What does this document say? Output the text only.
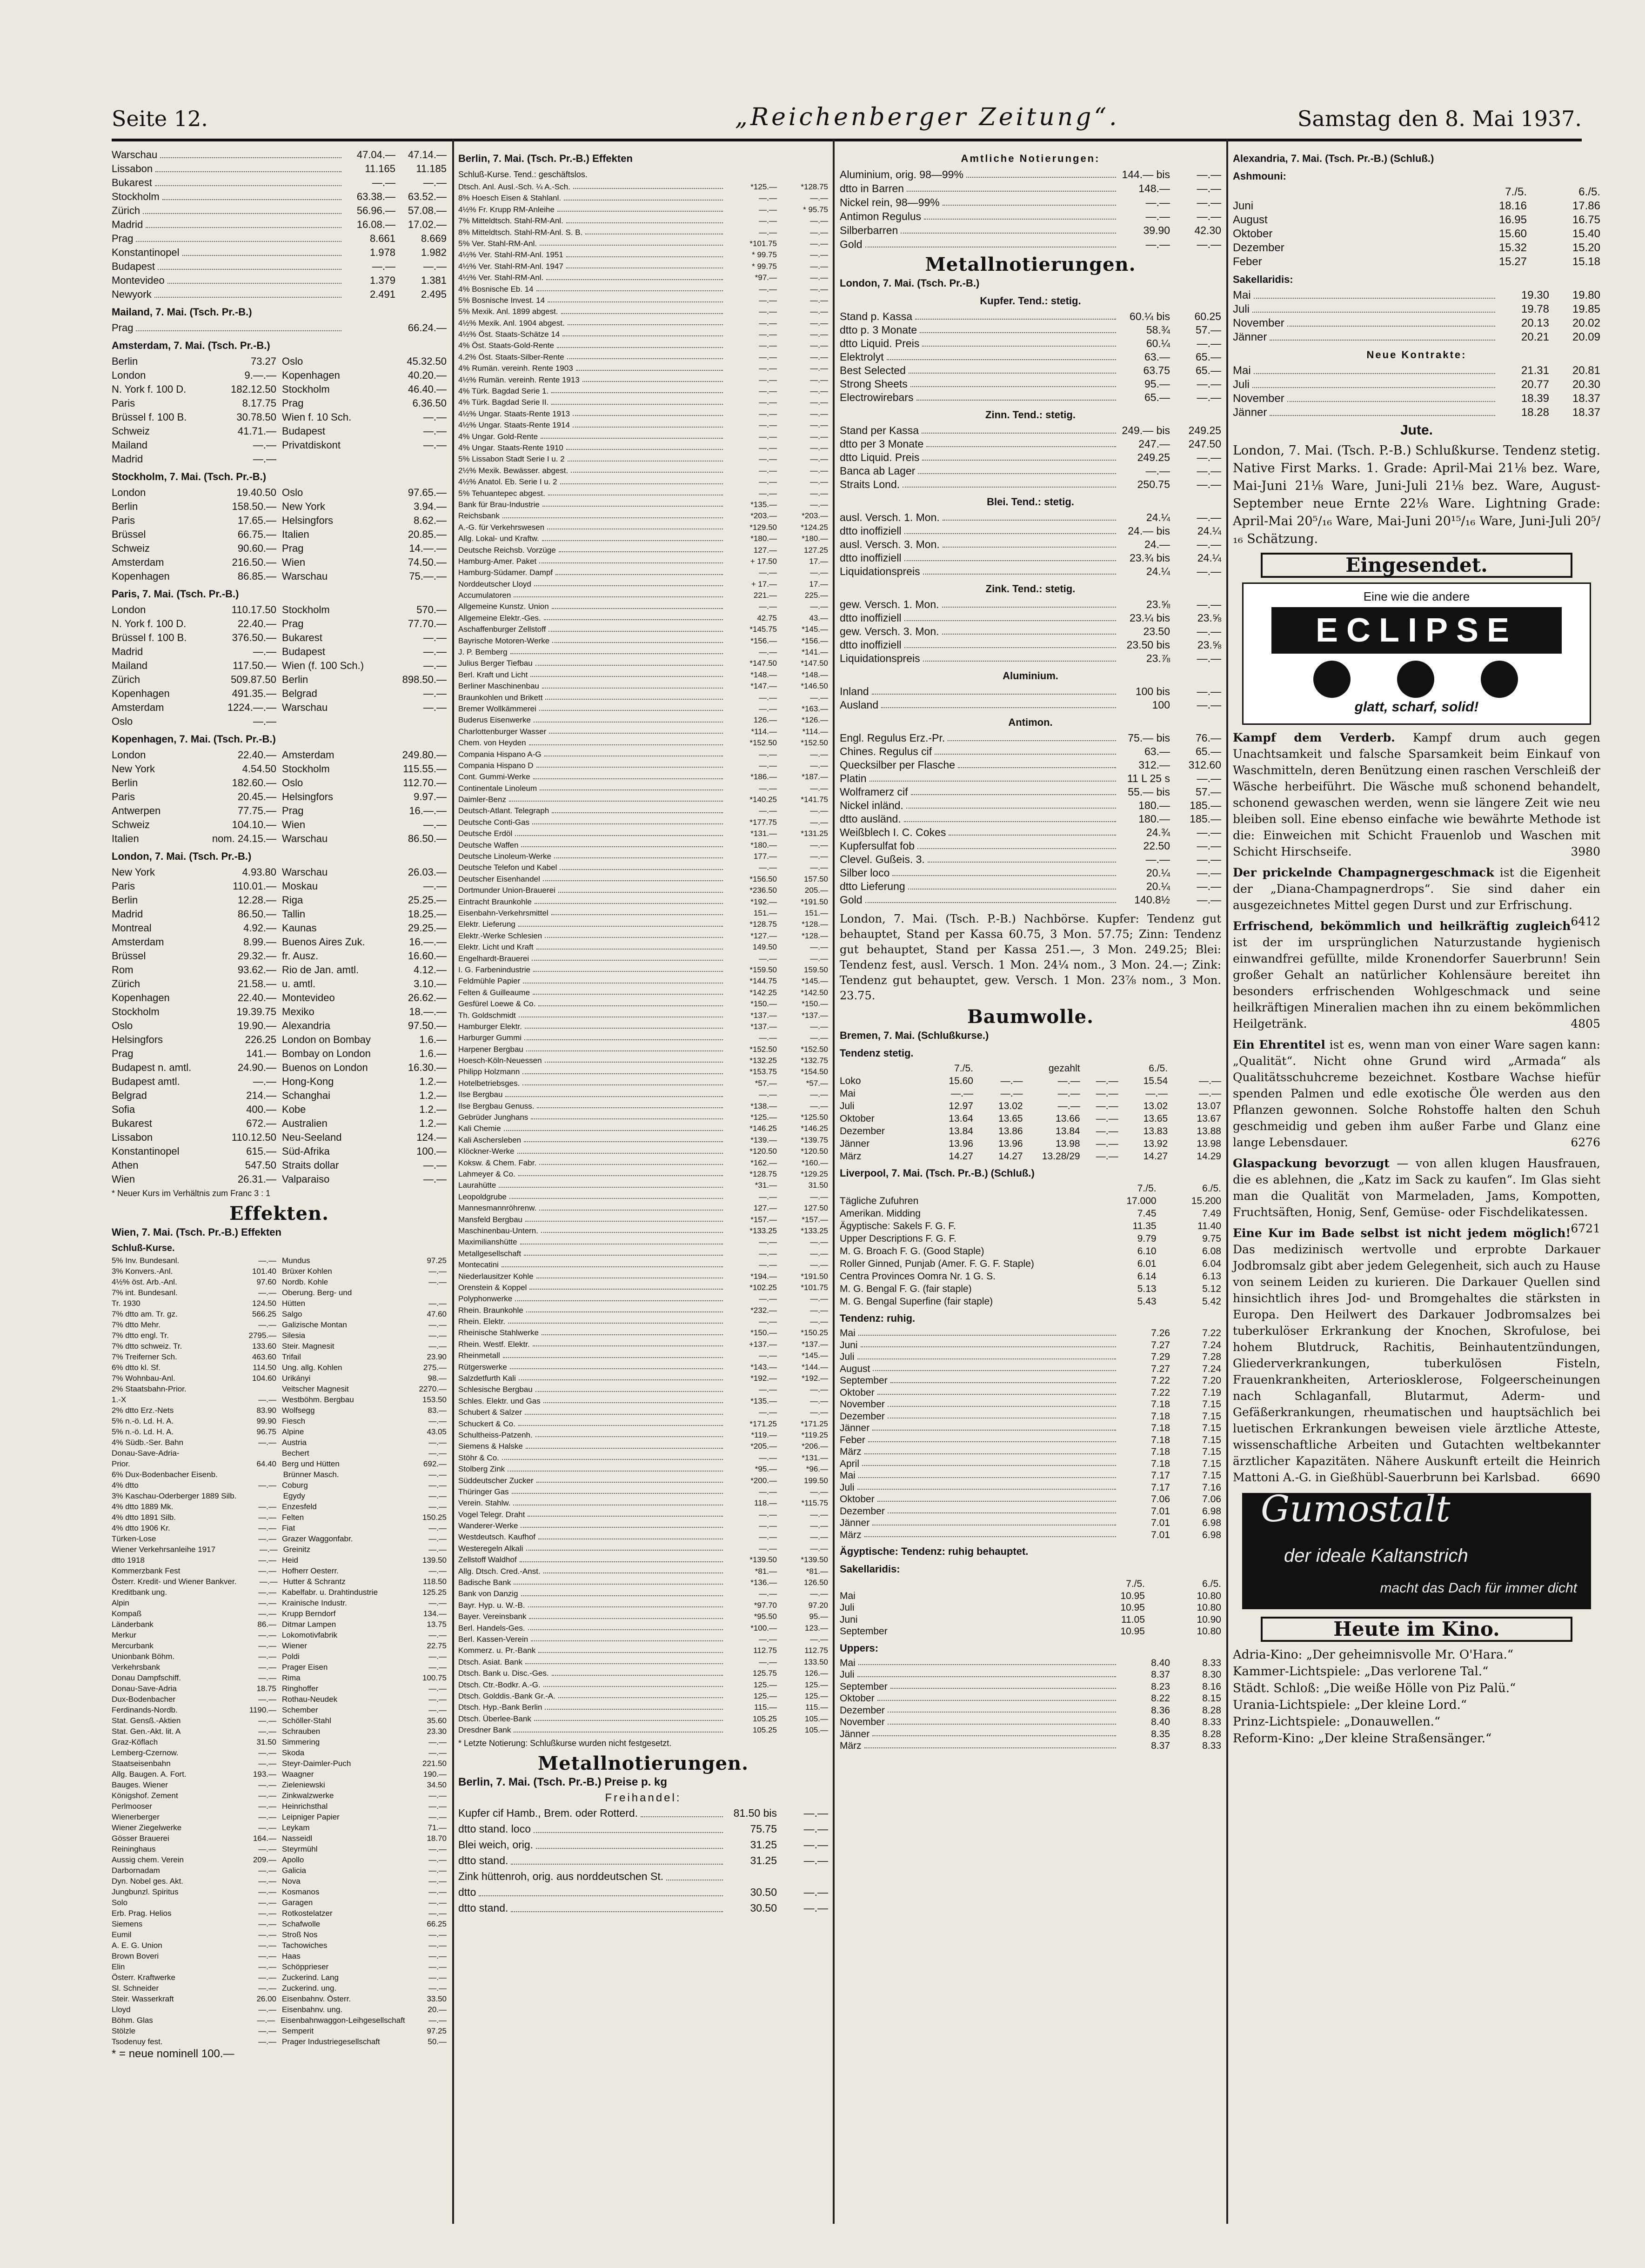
Seite 12.	„Reichenberger Zeitung“.	Samstag den 8. Mai 1937.
Warschau	47.04.—	47.14.—
Lissabon	11.165	11.185
Bukarest	—.—	—.—
Stockholm	63.38.—	63.52.—
Zürich	56.96.—	57.08.—
Madrid	16.08.—	17.02.—
Prag	8.661	8.669
Konstantinopel	1.978	1.982
Budapest	—.—	—.—
Montevideo	1.379	1.381
Newyork	2.491	2.495
Mailand, 7. Mai. (Tsch. Pr.-B.)
Prag	66.24.—
Amsterdam, 7. Mai. (Tsch. Pr.-B.)
Berlin	73.27 Oslo	45.32.50
London	9.—.— Kopenhagen	40.20.—
N. York f. 100 D.	182.12.50 Stockholm	46.40.—
Paris	8.17.75 Prag	6.36.50
Brüssel f. 100 B.	30.78.50 Wien f. 10 Sch.	—.—
Schweiz	41.71.— Budapest	—.—
Mailand	—.— Privatdiskont	—.—
Madrid	—.—
Stockholm, 7. Mai. (Tsch. Pr.-B.)
London	19.40.50 Oslo	97.65.—
Berlin	158.50.— New York	3.94.—
Paris	17.65.— Helsingfors	8.62.—
Brüssel	66.75.— Italien	20.85.—
Schweiz	90.60.— Prag	14.—.—
Amsterdam	216.50.— Wien	74.50.—
Kopenhagen	86.85.— Warschau	75.—.—
Paris, 7. Mai. (Tsch. Pr.-B.)
London	110.17.50 Stockholm	570.—
N. York f. 100 D.	22.40.— Prag	77.70.—
Brüssel f. 100 B.	376.50.— Bukarest	—.—
Madrid	—.— Budapest	—.—
Mailand	117.50.— Wien (f. 100 Sch.)	—.—
Zürich	509.87.50 Berlin	898.50.—
Kopenhagen	491.35.— Belgrad	—.—
Amsterdam	1224.—.— Warschau	—.—
Oslo	—.—
Kopenhagen, 7. Mai. (Tsch. Pr.-B.)
London	22.40.— Amsterdam	249.80.—
New York	4.54.50 Stockholm	115.55.—
Berlin	182.60.— Oslo	112.70.—
Paris	20.45.— Helsingfors	9.97.—
Antwerpen	77.75.— Prag	16.—.—
Schweiz	104.10.— Wien	—.—
Italien	nom. 24.15.— Warschau	86.50.—
London, 7. Mai. (Tsch. Pr.-B.)
New York	4.93.80 Warschau	26.03.—
Paris	110.01.— Moskau	—.—
Berlin	12.28.— Riga	25.25.—
Madrid	86.50.— Tallin	18.25.—
Montreal	4.92.— Kaunas	29.25.—
Amsterdam	8.99.— Buenos Aires Zuk.	16.—.—
Brüssel	29.32.— fr. Ausz.	16.60.—
Rom	93.62.— Rio de Jan. amtl.	4.12.—
Zürich	21.58.— u. amtl.	3.10.—
Kopenhagen	22.40.— Montevideo	26.62.—
Stockholm	19.39.75 Mexiko	18.—.—
Oslo	19.90.— Alexandria	97.50.—
Helsingfors	226.25 London on Bombay	1.6.—
Prag	141.— Bombay on London	1.6.—
Budapest n. amtl.	24.90.— Buenos on London	16.30.—
Budapest amtl.	—.— Hong-Kong	1.2.—
Belgrad	214.— Schanghai	1.2.—
Sofia	400.— Kobe	1.2.—
Bukarest	672.— Australien	1.2.—
Lissabon	110.12.50 Neu-Seeland	124.—
Konstantinopel	615.— Süd-Afrika	100.—
Athen	547.50 Straits dollar	—.—
Wien	26.31.— Valparaiso	—.—
* Neuer Kurs im Verhältnis zum Franc 3 : 1
Effekten.
Wien, 7. Mai. (Tsch. Pr.-B.) Effekten
Schluß-Kurse.
5% Inv. Bundesanl.	—.— Mundus	97.25
3% Konvers.-Anl.	101.40 Brüxer Kohlen	—.—
4½% öst. Arb.-Anl.	97.60 Nordb. Kohle	—.—
7% int. Bundesanl.	—.— Oberung. Berg- und
Tr. 1930	124.50 Hütten	—.—
7% dtto am. Tr. gz.	566.25 Salgo	47.60
7% dtto Mehr.	—.— Galizische Montan	—.—
7% dtto engl. Tr.	2795.— Silesia	—.—
7% dtto schweiz. Tr.	133.60 Steir. Magnesit	—.—
7% Treiferner Sch.	463.60 Trifail	23.90
6% dtto kl. Sf.	114.50 Ung. allg. Kohlen	275.—
7% Wohnbau-Anl.	104.60 Urikányi	98.—
2% Staatsbahn-Prior.	Veitscher Magnesit	2270.—
1.-X	—.— Westböhm. Bergbau	153.50
2% dtto Erz.-Nets	83.90 Wolfsegg	83.—
5% n.-ö. Ld. H. A.	99.90 Fiesch	—.—
5% n.-ö. Ld. H. A.	96.75 Alpine	43.05
4% Südb.-Ser. Bahn	—.— Austria	—.—
Donau-Save-Adria-	Bechert	—.—
Prior.	64.40 Berg und Hütten	692.—
6% Dux-Bodenbacher Eisenb.	Brünner Masch.	—.—
4% dtto	—.— Coburg	—.—
3% Kaschau-Oderberger 1889 Silb.	Egydy	—.—
4% dtto 1889 Mk.	—.— Enzesfeld	—.—
4% dtto 1891 Silb.	—.— Felten	150.25
4% dtto 1906 Kr.	—.— Fiat	—.—
Türken-Lose	—.— Grazer Waggonfabr.	—.—
Wiener Verkehrsanleihe 1917	—.— Greinitz	—.—
dtto 1918	—.— Heid	139.50
Kommerzbank Fest	—.— Hofherr Oesterr.	—.—
Österr. Kredit- und Wiener Bankver.	—.— Hutter & Schrantz	118.50
Kreditbank ung.	—.— Kabelfabr. u. Drahtindustrie	125.25
Alpin	—.— Krainische Industr.	—.—
Kompaß	—.— Krupp Berndorf	134.—
Länderbank	86.— Ditmar Lampen	13.75
Merkur	—.— Lokomotivfabrik	—.—
Mercurbank	—.— Wiener	22.75
Unionbank Böhm.	—.— Poldi	—.—
Verkehrsbank	—.— Prager Eisen	—.—
Donau Dampfschiff.	—.— Rima	100.75
Donau-Save-Adria	18.75 Ringhoffer	—.—
Dux-Bodenbacher	—.— Rothau-Neudek	—.—
Ferdinands-Nordb.	1190.— Schember	—.—
Stat. Gensß.-Aktien	—.— Schöller-Stahl	35.60
Stat. Gen.-Akt. lit. A	—.— Schrauben	23.30
Graz-Köflach	31.50 Simmering	—.—
Lemberg-Czernow.	—.— Skoda	—.—
Staatseisenbahn	—.— Steyr-Daimler-Puch	221.50
Allg. Baugen. A. Fort.	193.— Waagner	190.—
Bauges. Wiener	—.— Zieleniewski	34.50
Königshof. Zement	—.— Zinkwalzwerke	—.—
Perlmooser	—.— Heinrichsthal	—.—
Wienerberger	—.— Leipniger Papier	—.—
Wiener Ziegelwerke	—.— Leykam	71.—
Gösser Brauerei	164.— Nasseidl	18.70
Reininghaus	—.— Steyrmühl	—.—
Aussig chem. Verein	209.— Apollo	—.—
Darbornadam	—.— Galicia	—.—
Dyn. Nobel ges. Akt.	—.— Nova	—.—
Jungbunzl. Spiritus	—.— Kosmanos	—.—
Solo	—.— Garagen	—.—
Erb. Prag. Helios	—.— Rotkostelatzer	—.—
Siemens	—.— Schafwolle	66.25
Eumil	—.— Stroß Nos	—.—
A. E. G. Union	—.— Tachowiches	—.—
Brown Boveri	—.— Haas	—.—
Elin	—.— Schöpprieser	—.—
Österr. Kraftwerke	—.— Zuckerind. Lang	—.—
Sl. Schneider	—.— Zuckerind. ung.	—.—
Steir. Wasserkraft	26.00 Eisenbahnv. Österr.	33.50
Lloyd	—.— Eisenbahnv. ung.	20.—
Böhm. Glas	—.— Eisenbahnwaggon-Leihgesellschaft	—.—
Stölzle	—.— Semperit	97.25
Tsodenuy fest.	—.— Prager Industriegesellschaft	50.—
* = neue nominell 100.—
Berlin, 7. Mai. (Tsch. Pr.-B.) Effekten
Schluß-Kurse. Tend.: geschäftslos.
Dtsch. Anl. Ausl.-Sch. ¼ A.-Sch.	*125.—	*128.75
8% Hoesch Eisen & Stahlanl.	—.—	—.—
4½% Fr. Krupp RM-Anleihe	—.—	* 95.75
7% Mitteldtsch. Stahl-RM-Anl.	—.—	—.—
8% Mitteldtsch. Stahl-RM-Anl. S. B.	—.—	—.—
5% Ver. Stahl-RM-Anl.	*101.75	—.—
4½% Ver. Stahl-RM-Anl. 1951	* 99.75	—.—
4½% Ver. Stahl-RM-Anl. 1947	* 99.75	—.—
4½% Ver. Stahl-RM-Anl.	*97.—	—.—
4% Bosnische Eb. 14	—.—	—.—
5% Bosnische Invest. 14	—.—	—.—
5% Mexik. Anl. 1899 abgest.	—.—	—.—
4½% Mexik. Anl. 1904 abgest.	—.—	—.—
4½% Öst. Staats-Schätze 14	—.—	—.—
4% Öst. Staats-Gold-Rente	—.—	—.—
4.2% Öst. Staats-Silber-Rente	—.—	—.—
4% Rumän. vereinh. Rente 1903	—.—	—.—
4½% Rumän. vereinh. Rente 1913	—.—	—.—
4% Türk. Bagdad Serie 1.	—.—	—.—
4% Türk. Bagdad Serie II.	—.—	—.—
4½% Ungar. Staats-Rente 1913	—.—	—.—
4½% Ungar. Staats-Rente 1914	—.—	—.—
4% Ungar. Gold-Rente	—.—	—.—
4% Ungar. Staats-Rente 1910	—.—	—.—
5% Lissabon Stadt Serie I u. 2	—.—	—.—
2½% Mexik. Bewässer. abgest.	—.—	—.—
4½% Anatol. Eb. Serie I u. 2	—.—	—.—
5% Tehuantepec abgest.	—.—	—.—
Bank für Brau-Industrie	*135.—	—.—
Reichsbank	*203.—	*203.—
A.-G. für Verkehrswesen	*129.50	*124.25
Allg. Lokal- und Kraftw.	*180.—	*180.—
Deutsche Reichsb. Vorzüge	127.—	127.25
Hamburg-Amer. Paket	+ 17.50	17.—
Hamburg-Südamer. Dampf	—.—	—.—
Norddeutscher Lloyd	+ 17.—	17.—
Accumulatoren	221.—	225.—
Allgemeine Kunstz. Union	—.—	—.—
Allgemeine Elektr.-Ges.	42.75	43.—
Aschaffenburger Zellstoff	*145.75	*145.—
Bayrische Motoren-Werke	*156.—	*156.—
J. P. Bemberg	—.—	*141.—
Julius Berger Tiefbau	*147.50	*147.50
Berl. Kraft und Licht	*148.—	*148.—
Berliner Maschinenbau	*147.—	*146.50
Braunkohlen und Brikett	—.—	—.—
Bremer Wollkämmerei	—.—	*163.—
Buderus Eisenwerke	126.—	*126.—
Charlottenburger Wasser	*114.—	*114.—
Chem. von Heyden	*152.50	*152.50
Compania Hispano A-G	—.—	—.—
Compania Hispano D	—.—	—.—
Cont. Gummi-Werke	*186.—	*187.—
Continentale Linoleum	—.—	—.—
Daimler-Benz	*140.25	*141.75
Deutsch-Atlant. Telegraph	—.—	—.—
Deutsche Conti-Gas	*177.75	—.—
Deutsche Erdöl	*131.—	*131.25
Deutsche Waffen	*180.—	—.—
Deutsche Linoleum-Werke	177.—	—.—
Deutsche Telefon und Kabel	—.—	—.—
Deutscher Eisenhandel	*156.50	157.50
Dortmunder Union-Brauerei	*236.50	205.—
Eintracht Braunkohle	*192.—	*191.50
Eisenbahn-Verkehrsmittel	151.—	151.—
Elektr. Lieferung	*128.75	*128.—
Elektr.-Werke Schlesien	*127.—	*128.—
Elektr. Licht und Kraft	149.50	—.—
Engelhardt-Brauerei	—.—	—.—
I. G. Farbenindustrie	*159.50	159.50
Feldmühle Papier	*144.75	*145.—
Felten & Guilleaume	*142.25	*142.50
Gesfürel Loewe & Co.	*150.—	*150.—
Th. Goldschmidt	*137.—	*137.—
Hamburger Elektr.	*137.—	—.—
Harburger Gummi	—.—	—.—
Harpener Bergbau	*152.50	*152.50
Hoesch-Köln-Neuessen	*132.25	*132.75
Philipp Holzmann	*153.75	*154.50
Hotelbetriebsges.	*57.—	*57.—
Ilse Bergbau	—.—	—.—
Ilse Bergbau Genuss.	*138.—	—.—
Gebrüder Junghans	*125.—	*125.50
Kali Chemie	*146.25	*146.25
Kali Aschersleben	*139.—	*139.75
Klöckner-Werke	*120.50	*120.50
Koksw. & Chem. Fabr.	*162.—	*160.—
Lahmeyer & Co.	*128.75	*129.25
Laurahütte	*31.—	31.50
Leopoldgrube	—.—	—.—
Mannesmannröhrenw.	127.—	127.50
Mansfeld Bergbau	*157.—	*157.—
Maschinenbau-Untern.	*133.25	*133.25
Maximilianshütte	—.—	—.—
Metallgesellschaft	—.—	—.—
Montecatini	—.—	—.—
Niederlausitzer Kohle	*194.—	*191.50
Orenstein & Koppel	*102.25	*101.75
Polyphonwerke	—.—	—.—
Rhein. Braunkohle	*232.—	—.—
Rhein. Elektr.	—.—	—.—
Rheinische Stahlwerke	*150.—	*150.25
Rhein. Westf. Elektr.	+137.—	*137.—
Rheinmetall	—.—	*145.—
Rütgerswerke	*143.—	*144.—
Salzdetfurth Kali	*192.—	*192.—
Schlesische Bergbau	—.—	—.—
Schles. Elektr. und Gas	*135.—	—.—
Schubert & Salzer	—.—	—.—
Schuckert & Co.	*171.25	*171.25
Schultheiss-Patzenh.	*119.—	*119.25
Siemens & Halske	*205.—	*206.—
Stöhr & Co.	—.—	*131.—
Stolberg Zink	*95.—	*96.—
Süddeutscher Zucker	*200.—	199.50
Thüringer Gas	—.—	—.—
Verein. Stahlw.	118.—	*115.75
Vogel Telegr. Draht	—.—	—.—
Wanderer-Werke	—.—	—.—
Westdeutsch. Kaufhof	—.—	—.—
Westeregeln Alkali	—.—	—.—
Zellstoff Waldhof	*139.50	*139.50
Allg. Dtsch. Cred.-Anst.	*81.—	*81.—
Badische Bank	*136.—	126.50
Bank von Danzig	—.—	—.—
Bayr. Hyp. u. W.-B.	*97.70	97.20
Bayer. Vereinsbank	*95.50	95.—
Berl. Handels-Ges.	*100.—	123.—
Berl. Kassen-Verein	—.—	—.—
Kommerz. u. Pr.-Bank	112.75	112.75
Dtsch. Asiat. Bank	—.—	133.50
Dtsch. Bank u. Disc.-Ges.	125.75	126.—
Dtsch. Ctr.-Bodkr. A.-G.	125.—	125.—
Dtsch. Golddis.-Bank Gr.-A.	125.—	125.—
Dtsch. Hyp.-Bank Berlin	115.—	115.—
Dtsch. Überlee-Bank	105.25	105.—
Dresdner Bank	105.25	105.—
* Letzte Notierung: Schlußkurse wurden nicht festgesetzt.
Metallnotierungen.
Berlin, 7. Mai. (Tsch. Pr.-B.) Preise p. kg
Freihandel:
Kupfer cif Hamb., Brem. oder Rotterd.	81.50 bis	—.—
dtto stand. loco	75.75	—.—
Blei weich, orig.	31.25	—.—
dtto stand.	31.25	—.—
Zink hüttenroh, orig. aus norddeutschen St.
dtto	30.50	—.—
dtto stand.	30.50	—.—
Amtliche Notierungen:
Aluminium, orig. 98—99%	144.— bis	—.—
dtto in Barren	148.—	—.—
Nickel rein, 98—99%	—.—	—.—
Antimon Regulus	—.—	—.—
Silberbarren	39.90	42.30
Gold	—.—	—.—
Metallnotierungen.
London, 7. Mai. (Tsch. Pr.-B.)
Kupfer. Tend.: stetig.
Stand p. Kassa	60.¼ bis	60.25
dtto p. 3 Monate	58.¾	57.—
dtto Liquid. Preis	60.¼	—.—
Elektrolyt	63.—	65.—
Best Selected	63.75	65.—
Strong Sheets	95.—	—.—
Electrowirebars	65.—	—.—
Zinn. Tend.: stetig.
Stand per Kassa	249.— bis	249.25
dtto per 3 Monate	247.—	247.50
dtto Liquid. Preis	249.25	—.—
Banca ab Lager	—.—	—.—
Straits Lond.	250.75	—.—
Blei. Tend.: stetig.
ausl. Versch. 1. Mon.	24.¼	—.—
dtto inoffiziell	24.— bis	24.¼
ausl. Versch. 3. Mon.	24.—	—.—
dtto inoffiziell	23.¾ bis	24.¼
Liquidationspreis	24.¼	—.—
Zink. Tend.: stetig.
gew. Versch. 1. Mon.	23.⅝	—.—
dtto inoffiziell	23.¼ bis	23.⅝
gew. Versch. 3. Mon.	23.50	—.—
dtto inoffiziell	23.50 bis	23.⅝
Liquidationspreis	23.⅞	—.—
Aluminium.
Inland	100 bis	—.—
Ausland	100	—.—
Antimon.
Engl. Regulus Erz.-Pr.	75.— bis	76.—
Chines. Regulus cif	63.—	65.—
Quecksilber per Flasche	312.—	312.60
Platin	11 L 25 s	—.—
Wolframerz cif	55.— bis	57.—
Nickel inländ.	180.—	185.—
dtto ausländ.	180.—	185.—
Weißblech I. C. Cokes	24.¾	—.—
Kupfersulfat fob	22.50	—.—
Clevel. Gußeis. 3.	—.—	—.—
Silber loco	20.¼	—.—
dtto Lieferung	20.¼	—.—
Gold	140.8½	—.—
London, 7. Mai. (Tsch. P.-B.) Nachbörse. Kupfer: Tendenz gut behauptet, Stand per Kassa 60.75, 3 Mon. 57.75; Zinn: Tendenz gut behauptet, Stand per Kassa 251.—, 3 Mon. 249.25; Blei: Tendenz fest, ausl. Versch. 1 Mon. 24¼ nom., 3 Mon. 24.—; Zink: Tendenz gut behauptet, gew. Versch. 1 Mon. 23⅞ nom., 3 Mon. 23.75.
Baumwolle.
Bremen, 7. Mai. (Schlußkurse.)
Tendenz stetig.
7./5.	gezahlt	6./5.
Loko	15.60	—.—	—.—	—.—	15.54	—.—
Mai	—.—	—.—	—.—	—.—	—.—	—.—
Juli	12.97	13.02	—.—	—.—	13.02	13.07
Oktober	13.64	13.65	13.66	—.—	13.65	13.67
Dezember	13.84	13.86	13.84	—.—	13.83	13.88
Jänner	13.96	13.96	13.98	—.—	13.92	13.98
März	14.27	14.27	13.28/29	—.—	14.27	14.29
Liverpool, 7. Mai. (Tsch. Pr.-B.) (Schluß.)
7./5.	6./5.
Tägliche Zufuhren	17.000	15.200
Amerikan. Midding	7.45	7.49
Ägyptische: Sakels F. G. F.	11.35	11.40
Upper Descriptions F. G. F.	9.79	9.75
M. G. Broach F. G. (Good Staple)	6.10	6.08
Roller Ginned, Punjab (Amer. F. G. F. Staple)	6.01	6.04
Centra Provinces Oomra Nr. 1 G. S.	6.14	6.13
M. G. Bengal F. G. (fair staple)	5.13	5.12
M. G. Bengal Superfine (fair staple)	5.43	5.42
Tendenz: ruhig.
Mai	7.26	7.22
Juni	7.27	7.24
Juli	7.29	7.28
August	7.27	7.24
September	7.22	7.20
Oktober	7.22	7.19
November	7.18	7.15
Dezember	7.18	7.15
Jänner	7.18	7.15
Feber	7.18	7.15
März	7.18	7.15
April	7.18	7.15
Mai	7.17	7.15
Juli	7.17	7.16
Oktober	7.06	7.06
Dezember	7.01	6.98
Jänner	7.01	6.98
März	7.01	6.98
Ägyptische: Tendenz: ruhig behauptet.
Sakellaridis:
7./5.	6./5.
Mai	10.95	10.80
Juli	10.95	10.80
Juni	11.05	10.90
September	10.95	10.80
Uppers:
Mai	8.40	8.33
Juli	8.37	8.30
September	8.23	8.16
Oktober	8.22	8.15
Dezember	8.36	8.28
November	8.40	8.33
Jänner	8.35	8.28
März	8.37	8.33
Alexandria, 7. Mai. (Tsch. Pr.-B.) (Schluß.)
Ashmouni:
7./5.	6./5.
Juni	18.16	17.86
August	16.95	16.75
Oktober	15.60	15.40
Dezember	15.32	15.20
Feber	15.27	15.18
Sakellaridis:
Mai	19.30	19.80
Juli	19.78	19.85
November	20.13	20.02
Jänner	20.21	20.09
Neue Kontrakte:
Mai	21.31	20.81
Juli	20.77	20.30
November	18.39	18.37
Jänner	18.28	18.37
Jute.
London, 7. Mai. (Tsch. P.-B.) Schlußkurse. Tendenz stetig. Native First Marks. 1. Grade: April-Mai 21⅛ bez. Ware, Mai-Juni 21⅛ Ware, Juni-Juli 21⅛ bez. Ware, August-September neue Ernte 22⅛ Ware. Lightning Grade: April-Mai 20⁵/₁₆ Ware, Mai-Juni 20¹⁵/₁₆ Ware, Juni-Juli 20⁵/₁₆ Schätzung.
Eingesendet.
Eine wie die andere
ECLIPSE
glatt, scharf, solid!
Kampf dem Verderb. Kampf drum auch gegen Unachtsamkeit und falsche Sparsamkeit beim Einkauf von Waschmitteln, deren Benützung einen raschen Verschleiß der Wäsche herbeiführt. Die Wäsche muß schonend behandelt, schonend gewaschen werden, wenn sie längere Zeit wie neu bleiben soll. Eine ebenso einfache wie bewährte Methode ist die: Einweichen mit Schicht Frauenlob und Waschen mit Schicht Hirschseife.	3980
Der prickelnde Champagnergeschmack ist die Eigenheit der „Diana-Champagnerdrops“. Sie sind daher ein ausgezeichnetes Mittel gegen Durst und zur Erfrischung.
6412
Erfrischend, bekömmlich und heilkräftig zugleich ist der im ursprünglichen Naturzustande hygienisch einwandfrei gefüllte, milde Kronendorfer Sauerbrunn! Sein großer Gehalt an natürlicher Kohlensäure bereitet ihn besonders erfrischenden Wohlgeschmack und seine heilkräftigen Mineralien machen ihn zu einem bekömmlichen Heilgetränk.	4805
Ein Ehrentitel ist es, wenn man von einer Ware sagen kann: „Qualität“. Nicht ohne Grund wird „Armada“ als Qualitätsschuhcreme bezeichnet. Kostbare Wachse hiefür spenden Palmen und edle exotische Öle werden aus den Pflanzen gewonnen. Solche Rohstoffe halten den Schuh geschmeidig und geben ihm außer Farbe und Glanz eine lange Lebensdauer.	6276
Glaspackung bevorzugt — von allen klugen Hausfrauen, die es ablehnen, die „Katz im Sack zu kaufen“. Im Glas sieht man die Qualität von Marmeladen, Jams, Kompotten, Fruchtsäften, Honig, Senf, Gemüse- oder Fischdelikatessen.
6721
Eine Kur im Bade selbst ist nicht jedem möglich! Das medizinisch wertvolle und erprobte Darkauer Jodbromsalz gibt aber jedem Gelegenheit, sich auch zu Hause von seinem Leiden zu kurieren. Die Darkauer Quellen sind hinsichtlich ihres Jod- und Bromgehaltes die stärksten in Europa. Den Heilwert des Darkauer Jodbromsalzes bei tuberkulöser Erkrankung der Knochen, Skrofulose, bei hohem Blutdruck, Rachitis, Beinhautentzündungen, Gliederverkrankungen, tuberkulösen Fisteln, Frauenkrankheiten, Arteriosklerose, Folgeerscheinungen nach Schlaganfall, Blutarmut, Aderm- und Gefäßerkrankungen, rheumatischen und hauptsächlich bei luetischen Erkrankungen beweisen viele ärztliche Atteste, wissenschaftliche Arbeiten und Gutachten weltbekannter ärztlicher Kapazitäten. Nähere Auskunft erteilt die Heinrich Mattoni A.-G. in Gießhübl-Sauerbrunn bei Karlsbad.	6690
Gumostalt
der ideale Kaltanstrich
macht das Dach für immer dicht
Heute im Kino.
Adria-Kino: „Der geheimnisvolle Mr. O'Hara.“
Kammer-Lichtspiele: „Das verlorene Tal.“
Städt. Schloß: „Die weiße Hölle von Piz Palü.“
Urania-Lichtspiele: „Der kleine Lord.“
Prinz-Lichtspiele: „Donauwellen.“
Reform-Kino: „Der kleine Straßensänger.“
